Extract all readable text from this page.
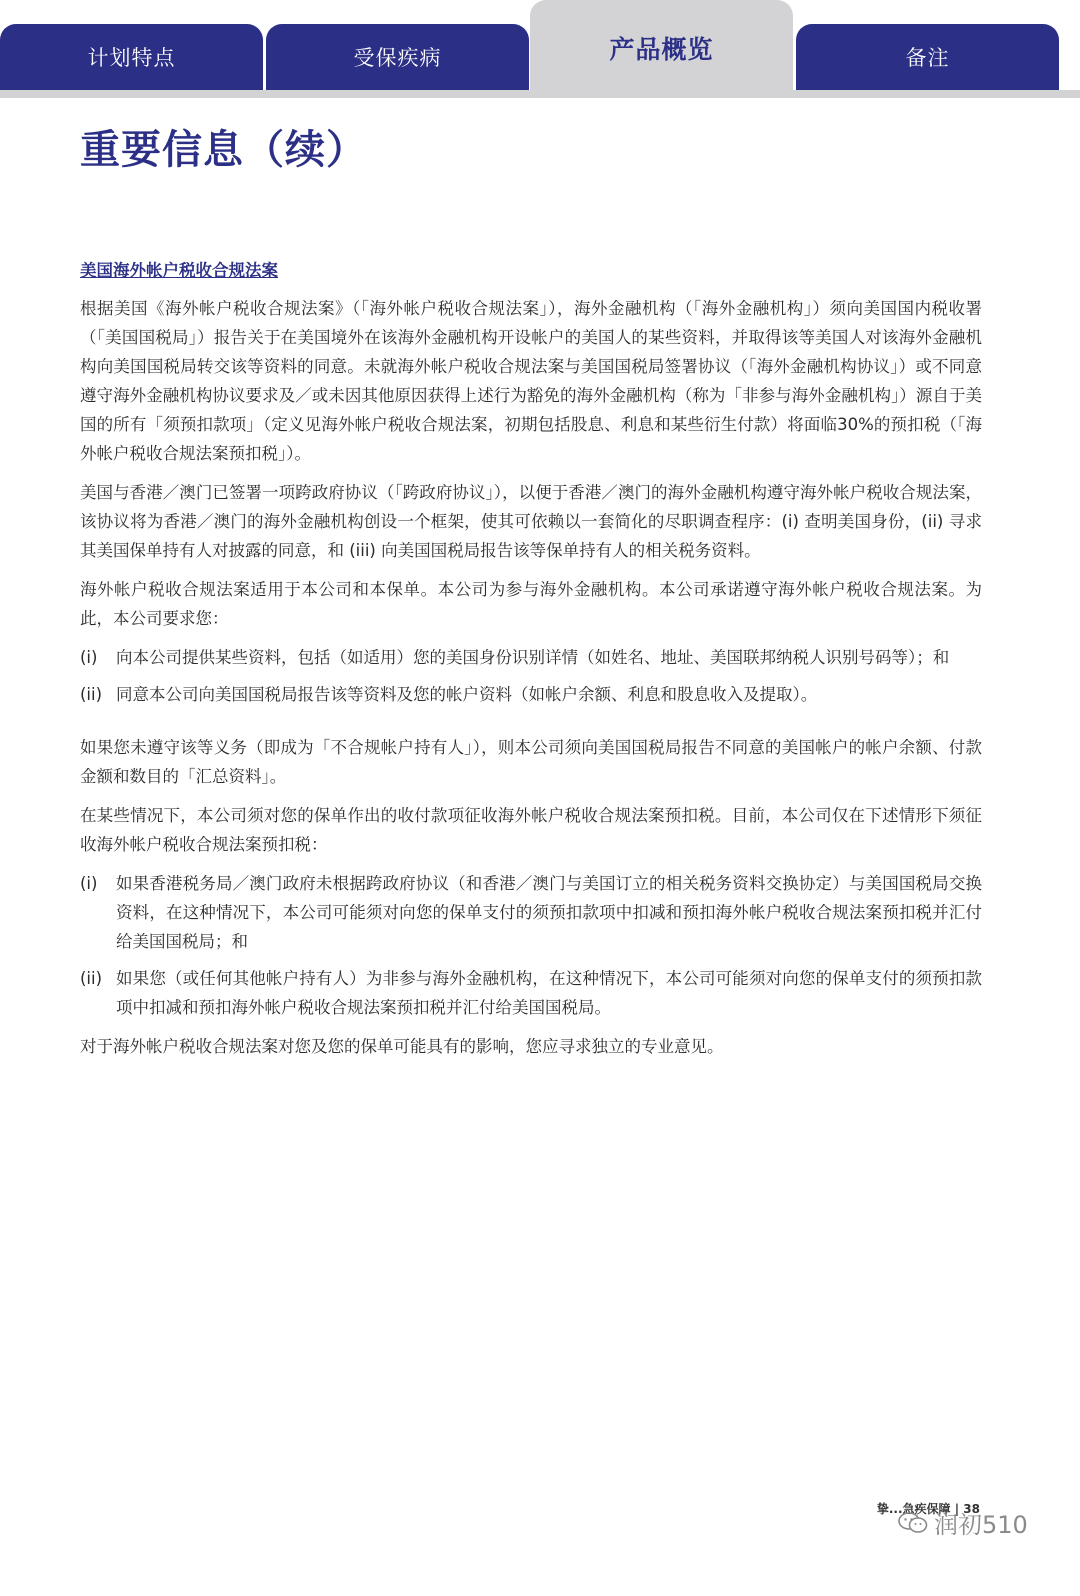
计划特点	受保疾病	产品概览	备注
重要信息（续）
美国海外帐户税收合规法案

根据美国《海外帐户税收合规法案》（「海外帐户税收合规法案」），海外金融机构（「海外金融机构」）须向美国国内税收署（「美国国税局」）报告关于在美国境外在该海外金融机构开设帐户的美国人的某些资料，并取得该等美国人对该海外金融机构向美国国税局转交该等资料的同意。未就海外帐户税收合规法案与美国国税局签署协议（「海外金融机构协议」）或不同意遵守海外金融机构协议要求及／或未因其他原因获得上述行为豁免的海外金融机构（称为「非参与海外金融机构」）源自于美国的所有「须预扣款项」（定义见海外帐户税收合规法案，初期包括股息、利息和某些衍生付款）将面临30%的预扣税（「海外帐户税收合规法案预扣税」）。

美国与香港／澳门已签署一项跨政府协议（「跨政府协议」），以便于香港／澳门的海外金融机构遵守海外帐户税收合规法案，该协议将为香港／澳门的海外金融机构创设一个框架，使其可依赖以一套简化的尽职调查程序：(i) 查明美国身份，(ii) 寻求其美国保单持有人对披露的同意，和 (iii) 向美国国税局报告该等保单持有人的相关税务资料。

海外帐户税收合规法案适用于本公司和本保单。本公司为参与海外金融机构。本公司承诺遵守海外帐户税收合规法案。为此，本公司要求您：

(i)	向本公司提供某些资料，包括（如适用）您的美国身份识别详情（如姓名、地址、美国联邦纳税人识别号码等）；和
(ii) 同意本公司向美国国税局报告该等资料及您的帐户资料（如帐户余额、利息和股息收入及提取）。

如果您未遵守该等义务（即成为「不合规帐户持有人」），则本公司须向美国国税局报告不同意的美国帐户的帐户余额、付款金额和数目的「汇总资料」。

在某些情况下，本公司须对您的保单作出的收付款项征收海外帐户税收合规法案预扣税。目前，本公司仅在下述情形下须征收海外帐户税收合规法案预扣税：

(i)	如果香港税务局／澳门政府未根据跨政府协议（和香港／澳门与美国订立的相关税务资料交换协定）与美国国税局交换资料，在这种情况下，本公司可能须对向您的保单支付的须预扣款项中扣减和预扣海外帐户税收合规法案预扣税并汇付给美国国税局；和
(ii) 如果您（或任何其他帐户持有人）为非参与海外金融机构，在这种情况下，本公司可能须对向您的保单支付的须预扣款项中扣减和预扣海外帐户税收合规法案预扣税并汇付给美国国税局。

对于海外帐户税收合规法案对您及您的保单可能具有的影响，您应寻求独立的专业意见。

挚...急疾保障 | 38
润初510
